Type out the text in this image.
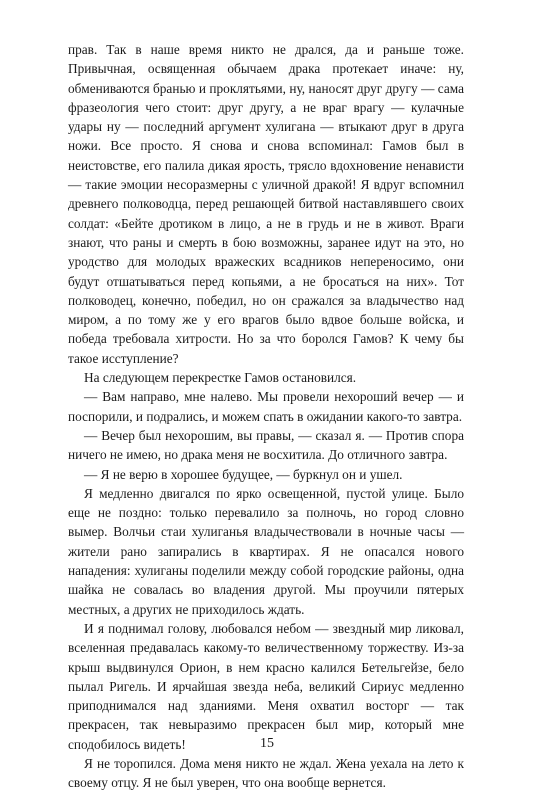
прав. Так в наше время никто не дрался, да и раньше тоже. Привычная, освященная обычаем драка протекает иначе: ну, обмениваются бранью и проклятьями, ну, наносят друг другу — сама фразеология чего стоит: друг другу, а не враг врагу — кулачные удары ну — последний аргумент хулигана — втыкают друг в друга ножи. Все просто. Я снова и снова вспоминал: Гамов был в неистовстве, его палила дикая ярость, трясло вдохновение ненависти — такие эмоции несоразмерны с уличной дракой! Я вдруг вспомнил древнего полководца, перед решающей битвой наставлявшего своих солдат: «Бейте дротиком в лицо, а не в грудь и не в живот. Враги знают, что раны и смерть в бою возможны, заранее идут на это, но уродство для молодых вражеских всадников непереносимо, они будут отшатываться перед копьями, а не бросаться на них». Тот полководец, конечно, победил, но он сражался за владычество над миром, а по тому же у его врагов было вдвое больше войска, и победа требовала хитрости. Но за что боролся Гамов? К чему бы такое исступление?

На следующем перекрестке Гамов остановился.

— Вам направо, мне налево. Мы провели нехороший вечер — и поспорили, и подрались, и можем спать в ожидании какого-то завтра.

— Вечер был нехорошим, вы правы, — сказал я. — Против спора ничего не имею, но драка меня не восхитила. До отличного завтра.

— Я не верю в хорошее будущее, — буркнул он и ушел.

Я медленно двигался по ярко освещенной, пустой улице. Было еще не поздно: только перевалило за полночь, но город словно вымер. Волчьи стаи хулиганья владычествовали в ночные часы — жители рано запирались в квартирах. Я не опасался нового нападения: хулиганы поделили между собой городские районы, одна шайка не совалась во владения другой. Мы проучили пятерых местных, а других не приходилось ждать.

И я поднимал голову, любовался небом — звездный мир ликовал, вселенная предавалась какому-то величественному торжеству. Из-за крыш выдвинулся Орион, в нем красно калился Бетельгейзе, бело пылал Ригель. И ярчайшая звезда неба, великий Сириус медленно приподнимался над зданиями. Меня охватил восторг — так прекрасен, так невыразимо прекрасен был мир, который мне сподобилось видеть!

Я не торопился. Дома меня никто не ждал. Жена уехала на лето к своему отцу. Я не был уверен, что она вообще вернется.

15
